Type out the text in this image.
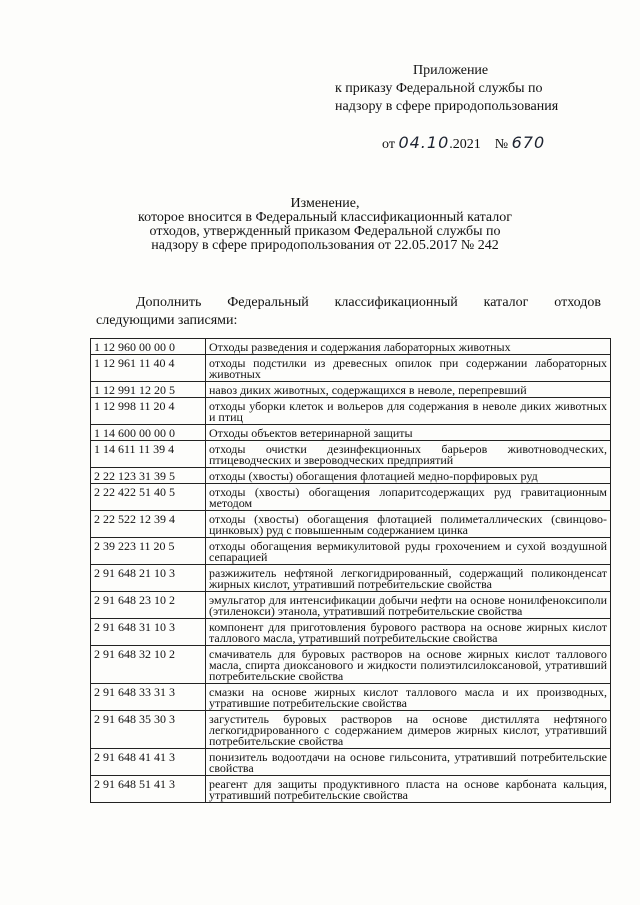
Приложение
к приказу Федеральной службы по
надзору в сфере природопользования
от 04.10.2021 № 670
Изменение,
которое вносится в Федеральный классификационный каталог
отходов, утвержденный приказом Федеральной службы по
надзору в сфере природопользования от 22.05.2017 № 242
Дополнить Федеральный классификационный каталог отходов
следующими записями:
1 12 960 00 00 0	Отходы разведения и содержания лабораторных животных
1 12 961 11 40 4	отходы подстилки из древесных опилок при содержании лабораторных животных
1 12 991 12 20 5	навоз диких животных, содержащихся в неволе, перепревший
1 12 998 11 20 4	отходы уборки клеток и вольеров для содержания в неволе диких животных и птиц
1 14 600 00 00 0	Отходы объектов ветеринарной защиты
1 14 611 11 39 4	отходы очистки дезинфекционных барьеров животноводческих, птицеводческих и звероводческих предприятий
2 22 123 31 39 5	отходы (хвосты) обогащения флотацией медно-порфировых руд
2 22 422 51 40 5	отходы (хвосты) обогащения лопаритсодержащих руд гравитационным методом
2 22 522 12 39 4	отходы (хвосты) обогащения флотацией полиметаллических (свинцово-цинковых) руд с повышенным содержанием цинка
2 39 223 11 20 5	отходы обогащения вермикулитовой руды грохочением и сухой воздушной сепарацией
2 91 648 21 10 3	разжижитель нефтяной легкогидрированный, содержащий поликонденсат жирных кислот, утративший потребительские свойства
2 91 648 23 10 2	эмульгатор для интенсификации добычи нефти на основе нонилфеноксиполи (этиленокси) этанола, утративший потребительские свойства
2 91 648 31 10 3	компонент для приготовления бурового раствора на основе жирных кислот таллового масла, утративший потребительские свойства
2 91 648 32 10 2	смачиватель для буровых растворов на основе жирных кислот таллового масла, спирта диоксанового и жидкости полиэтилсилоксановой, утративший потребительские свойства
2 91 648 33 31 3	смазки на основе жирных кислот таллового масла и их производных, утратившие потребительские свойства
2 91 648 35 30 3	загуститель буровых растворов на основе дистиллята нефтяного легкогидрированного с содержанием димеров жирных кислот, утративший потребительские свойства
2 91 648 41 41 3	понизитель водоотдачи на основе гильсонита, утративший потребительские свойства
2 91 648 51 41 3	реагент для защиты продуктивного пласта на основе карбоната кальция, утративший потребительские свойства
